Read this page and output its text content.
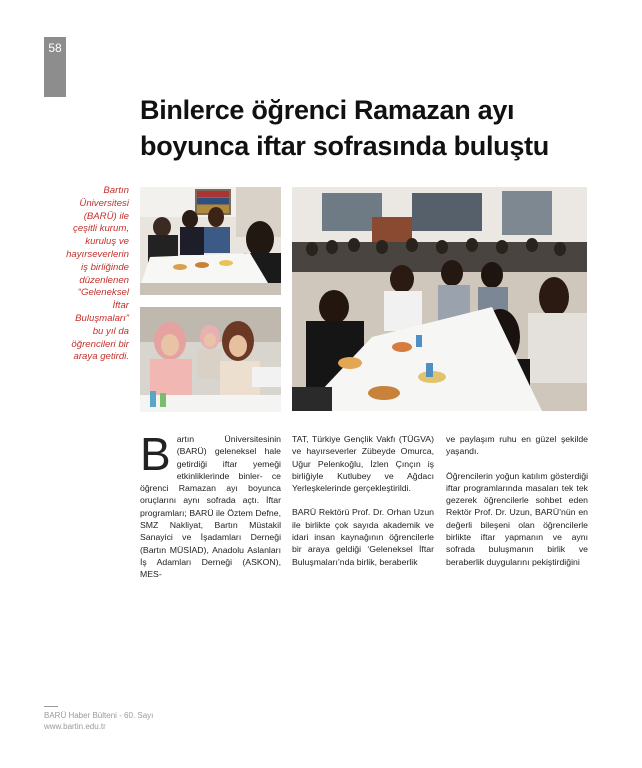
58
Binlerce öğrenci Ramazan ayı
boyunca iftar sofrasında buluştu
Bartın
Üniversitesi
(BARÜ) ile
çeşitli kurum,
kuruluş ve
hayırseverlerin
iş birliğinde
düzenlenen
“Geleneksel
İftar
Buluşmaları”
bu yıl da
öğrencileri bir
araya getirdi.

Bartın Üniversitesinin (BARÜ) geleneksel hale getirdiği iftar yemeği etkinliklerinde binler- ce öğrenci Ramazan ayı boyunca oruçlarını aynı sofrada açtı. İftar programları; BARÜ ile Öztem Defne, SMZ Nakliyat, Bartın Müstakil Sanayici ve İşadamları Derneği (Bartın MÜSİAD), Anadolu Aslanları İş Adamları Derneği (ASKON), MES-

TAT, Türkiye Gençlik Vakfı (TÜGVA) ve hayırseverler Zübeyde Omurca, Uğur Pelenkoğlu, İzlen Çınçın iş birliğiyle Kutlubey ve Ağdacı Yerleşkelerinde gerçekleştirildi.

BARÜ Rektörü Prof. Dr. Orhan Uzun ile birlikte çok sayıda akademik ve idari insan kaynağının öğrencilerle bir araya geldiği ‘Geleneksel İftar Buluşmaları’nda birlik, beraberlik

ve paylaşım ruhu en güzel şekilde yaşandı.

Öğrencilerin yoğun katılım gösterdiği iftar programlarında masaları tek tek gezerek öğrencilerle sohbet eden Rektör Prof. Dr. Uzun, BARÜ’nün en değerli bileşeni olan öğrencilerle birlikte iftar yapmanın ve aynı sofrada buluşmanın birlik ve beraberlik duygularını pekiştirdiğini

BARÜ Haber Bülteni - 60. Sayı
www.bartin.edu.tr
